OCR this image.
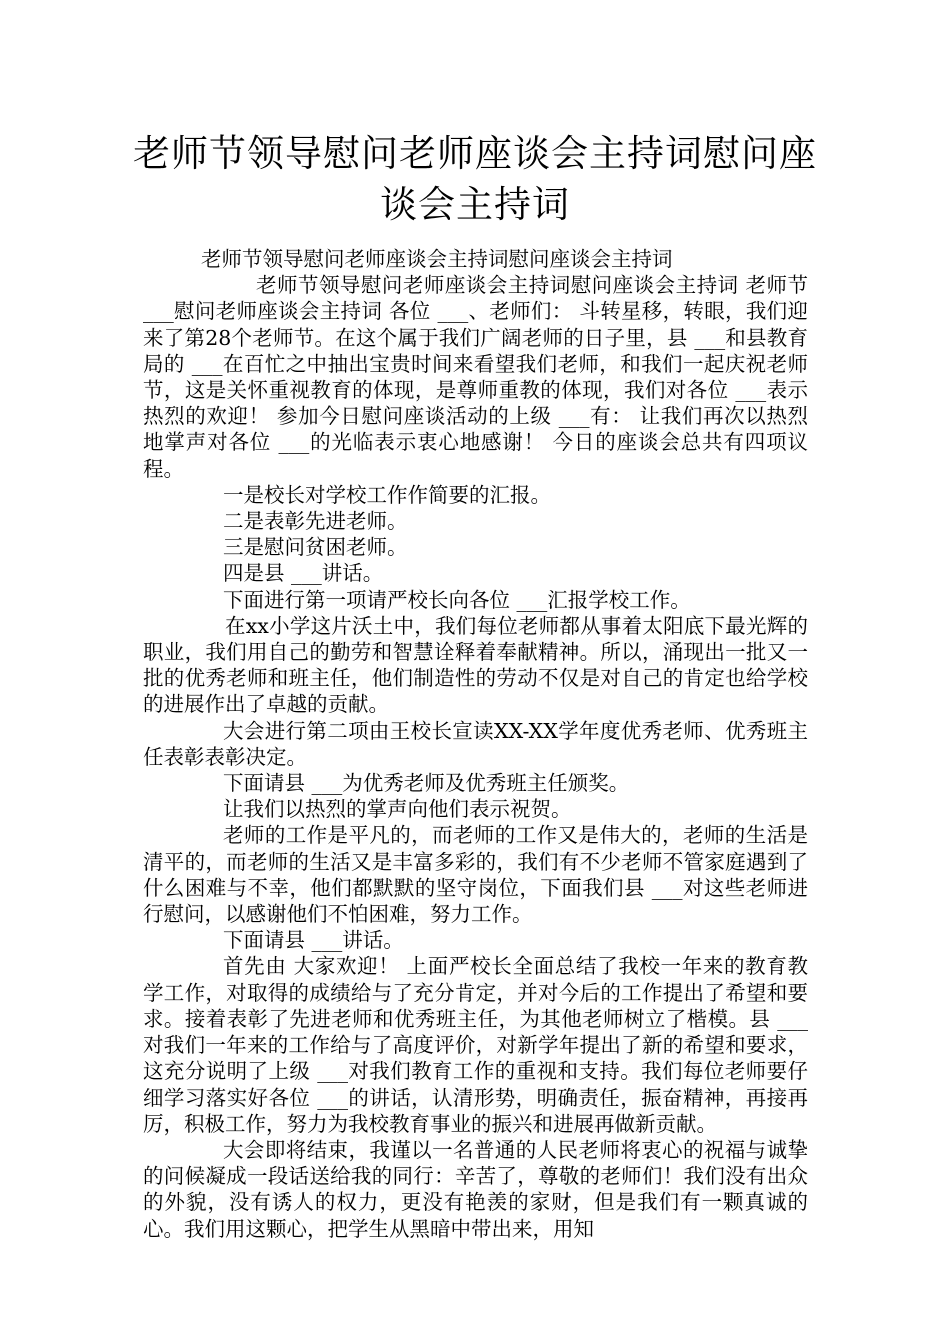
老师节领导慰问老师座谈会主持词慰问座谈会主持词

老师节领导慰问老师座谈会主持词慰问座谈会主持词

老师节领导慰问老师座谈会主持词慰问座谈会主持词 老师节 ___慰问老师座谈会主持词 各位 ___、老师们： 斗转星移，转眼，我们迎来了第28个老师节。在这个属于我们广阔老师的日子里，县 ___和县教育局的 ___在百忙之中抽出宝贵时间来看望我们老师，和我们一起庆祝老师节，这是关怀重视教育的体现，是尊师重教的体现，我们对各位 ___表示热烈的欢迎！ 参加今日慰问座谈活动的上级 ___有： 让我们再次以热烈地掌声对各位 ___的光临表示衷心地感谢！ 今日的座谈会总共有四项议程。

一是校长对学校工作作简要的汇报。

二是表彰先进老师。

三是慰问贫困老师。

四是县 ___讲话。

下面进行第一项请严校长向各位 ___汇报学校工作。

在xx小学这片沃土中，我们每位老师都从事着太阳底下最光辉的职业，我们用自己的勤劳和智慧诠释着奉献精神。所以，涌现出一批又一批的优秀老师和班主任，他们制造性的劳动不仅是对自己的肯定也给学校的进展作出了卓越的贡献。

大会进行第二项由王校长宣读XX-XX学年度优秀老师、优秀班主任表彰表彰决定。

下面请县 ___为优秀老师及优秀班主任颁奖。

让我们以热烈的掌声向他们表示祝贺。

老师的工作是平凡的，而老师的工作又是伟大的，老师的生活是清平的，而老师的生活又是丰富多彩的，我们有不少老师不管家庭遇到了什么困难与不幸，他们都默默的坚守岗位，下面我们县 ___对这些老师进行慰问，以感谢他们不怕困难，努力工作。

下面请县 ___讲话。

首先由 大家欢迎！ 上面严校长全面总结了我校一年来的教育教学工作，对取得的成绩给与了充分肯定，并对今后的工作提出了希望和要求。接着表彰了先进老师和优秀班主任，为其他老师树立了楷模。县 ___对我们一年来的工作给与了高度评价，对新学年提出了新的希望和要求，这充分说明了上级 ___对我们教育工作的重视和支持。我们每位老师要仔细学习落实好各位 ___的讲话，认清形势，明确责任，振奋精神，再接再厉，积极工作，努力为我校教育事业的振兴和进展再做新贡献。

大会即将结束，我谨以一名普通的人民老师将衷心的祝福与诚挚的问候凝成一段话送给我的同行：辛苦了，尊敬的老师们！我们没有出众的外貌，没有诱人的权力，更没有艳羡的家财，但是我们有一颗真诚的心。我们用这颗心，把学生从黑暗中带出来，用知
